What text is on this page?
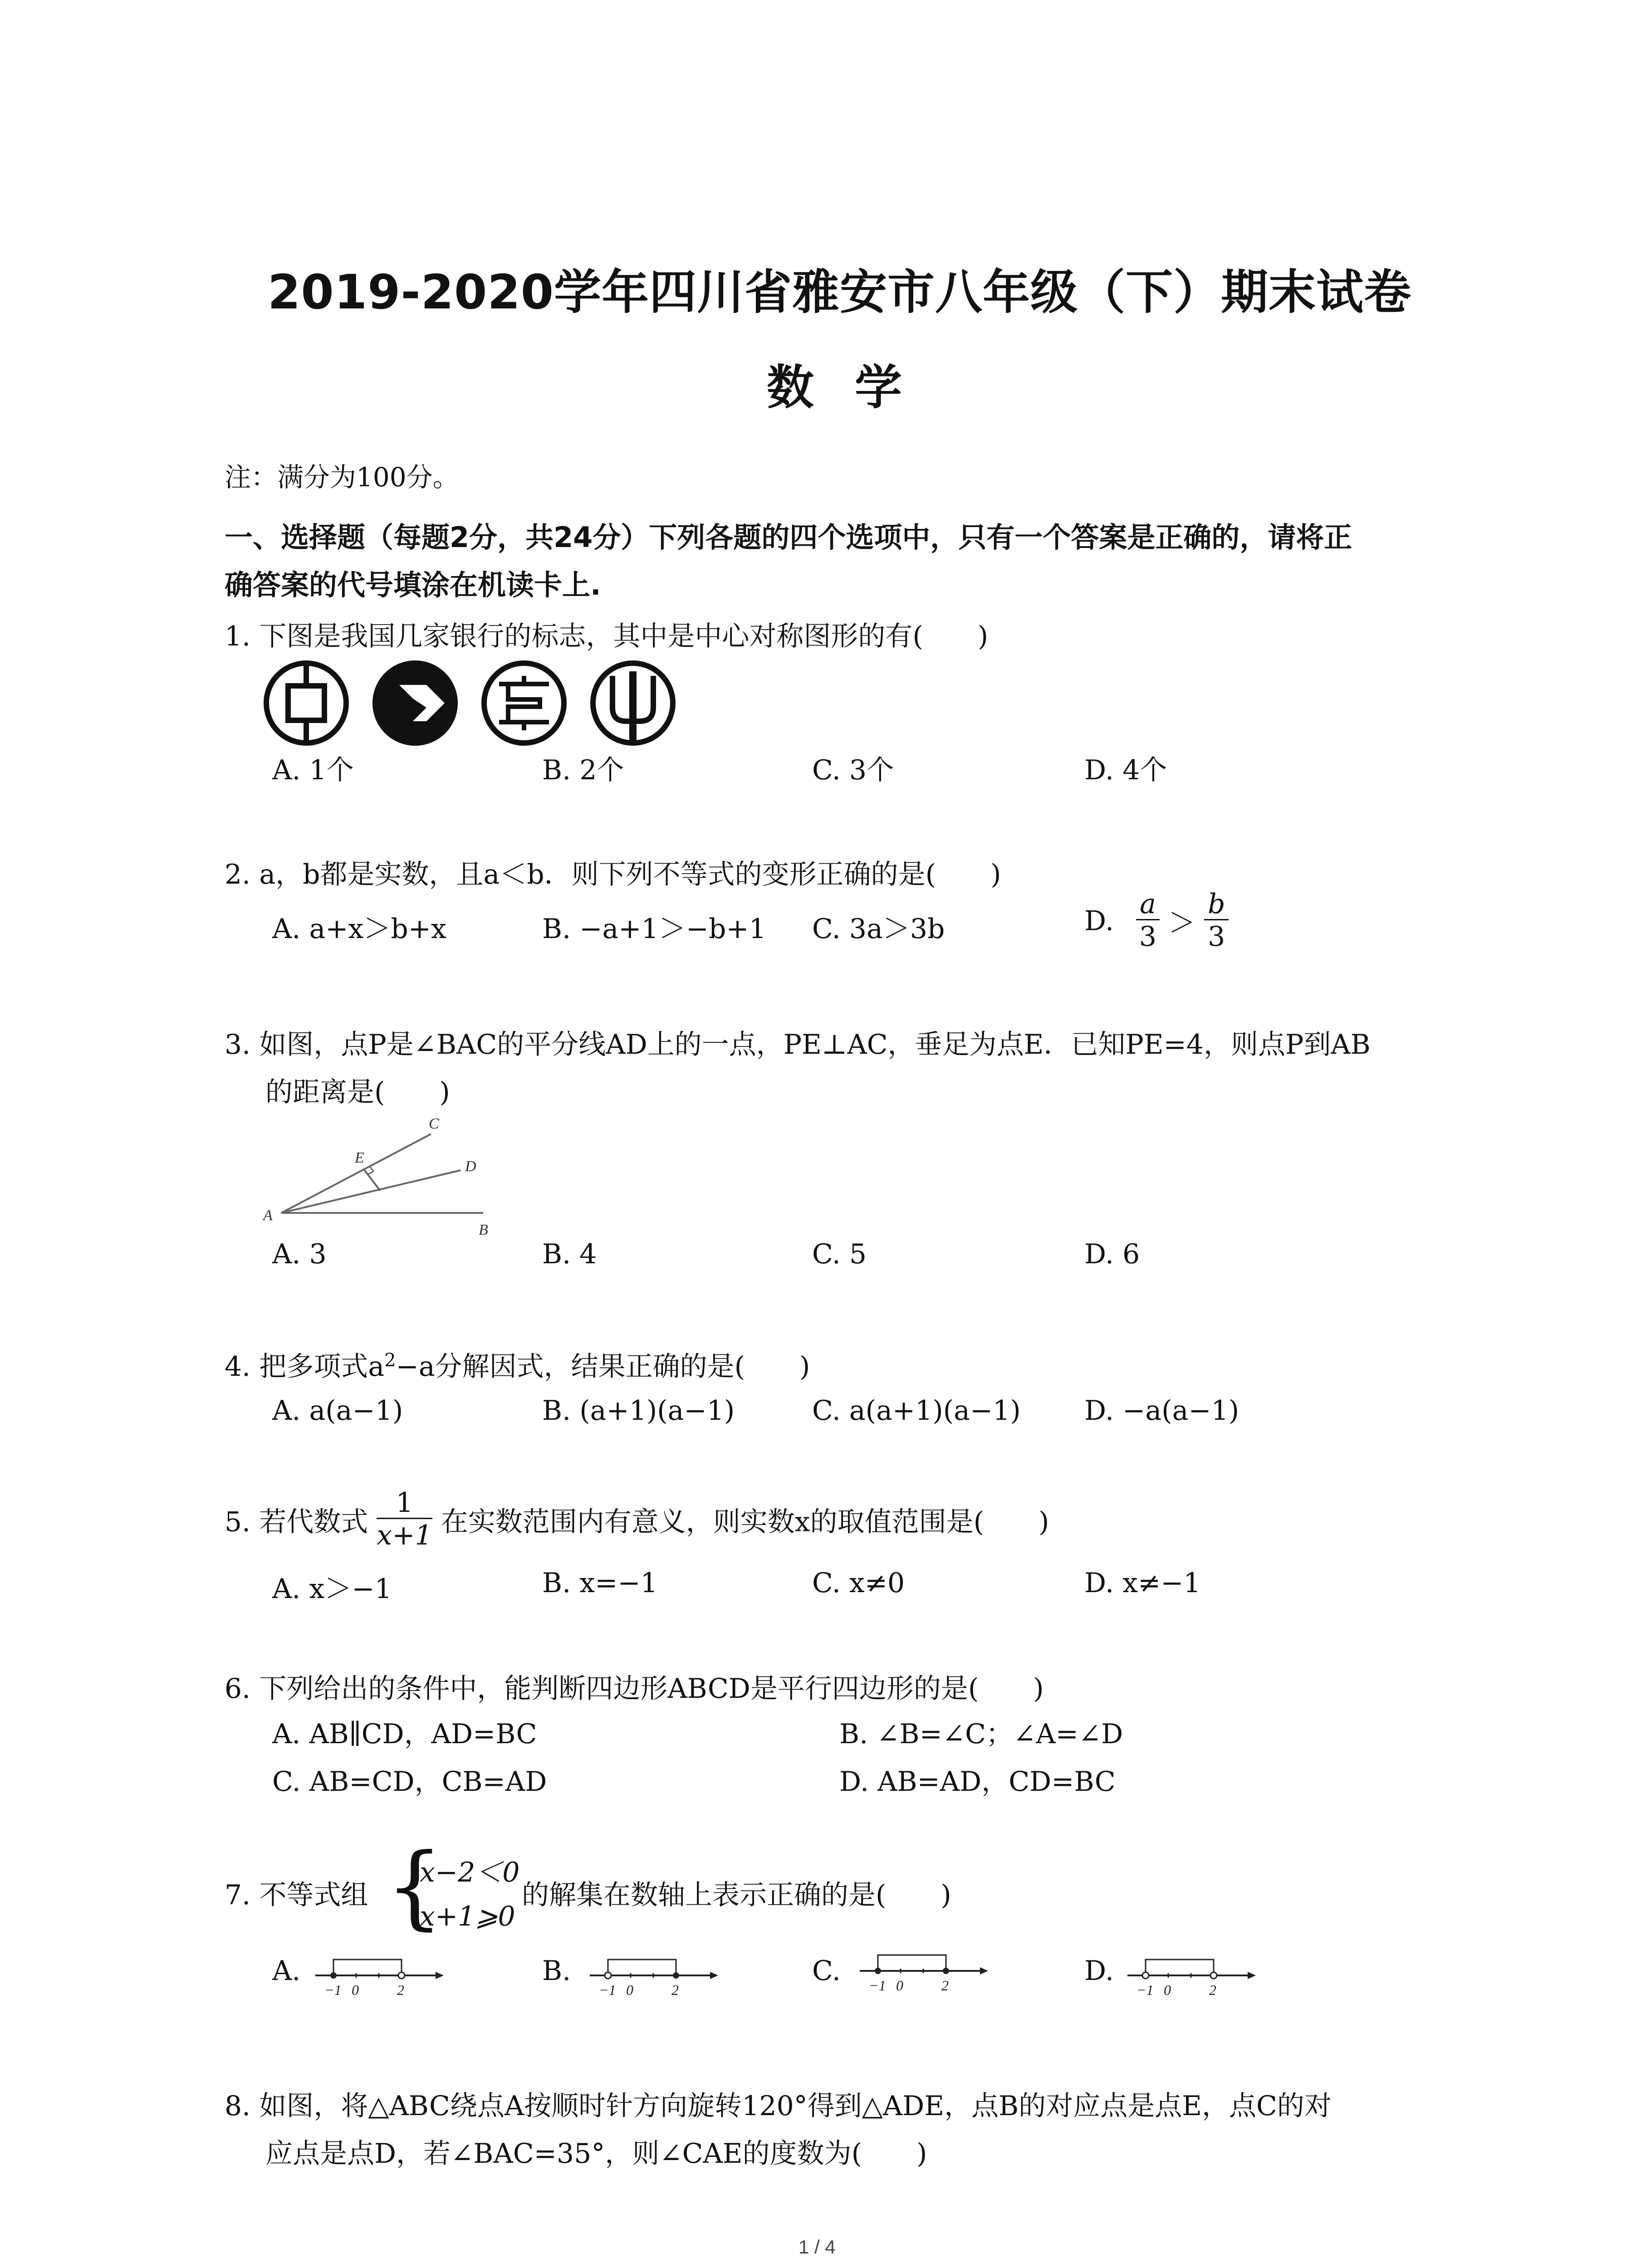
2019-2020学年四川省雅安市八年级（下）期末试卷
数学
注：满分为100分。
一、选择题（每题2分，共24分）下列各题的四个选项中，只有一个答案是正确的，请将正
确答案的代号填涂在机读卡上.
1. 下图是我国几家银行的标志，其中是中心对称图形的有(　　)
A. 1个	B. 2个	C. 3个	D. 4个
2. a，b都是实数，且a＜b．则下列不等式的变形正确的是(　　)
A. a+x＞b+x	B. −a+1＞−b+1 C. 3a＞3b	D. $\frac{a}{3} > \frac{b}{3}$
3. 如图，点P是∠BAC的平分线AD上的一点，PE⊥AC，垂足为点E．已知PE=4，则点P到AB
的距离是(　　)
A
B
C
D
E
A. 3	B. 4	C. 5	D. 6
4. 把多项式$a^2-a$分解因式，结果正确的是(　　)
A. a(a−1)	B. (a+1)(a−1)	C. a(a+1)(a−1) D. −a(a−1)
5. 若代数式 $\frac{1}{x+1}$ 在实数范围内有意义，则实数x的取值范围是(　　)
A. x＞−1	B. x=−1	C. x≠0	D. x≠−1
6. 下列给出的条件中，能判断四边形ABCD是平行四边形的是(　　)
A. AB∥CD，AD=BC	B. ∠B=∠C；∠A=∠D
C. AB=CD，CB=AD	D. AB=AD，CD=BC
7. 不等式组 {
x−2＜0
x+1⩾0
的解集在数轴上表示正确的是(　　)
A.	B.	C.	D.
−1 0	2	−1 0	2	−1 0	2	−1 0	2
8. 如图，将△ABC绕点A按顺时针方向旋转120°得到△ADE，点B的对应点是点E，点C的对
应点是点D，若∠BAC=35°，则∠CAE的度数为(　　)
1 / 4
